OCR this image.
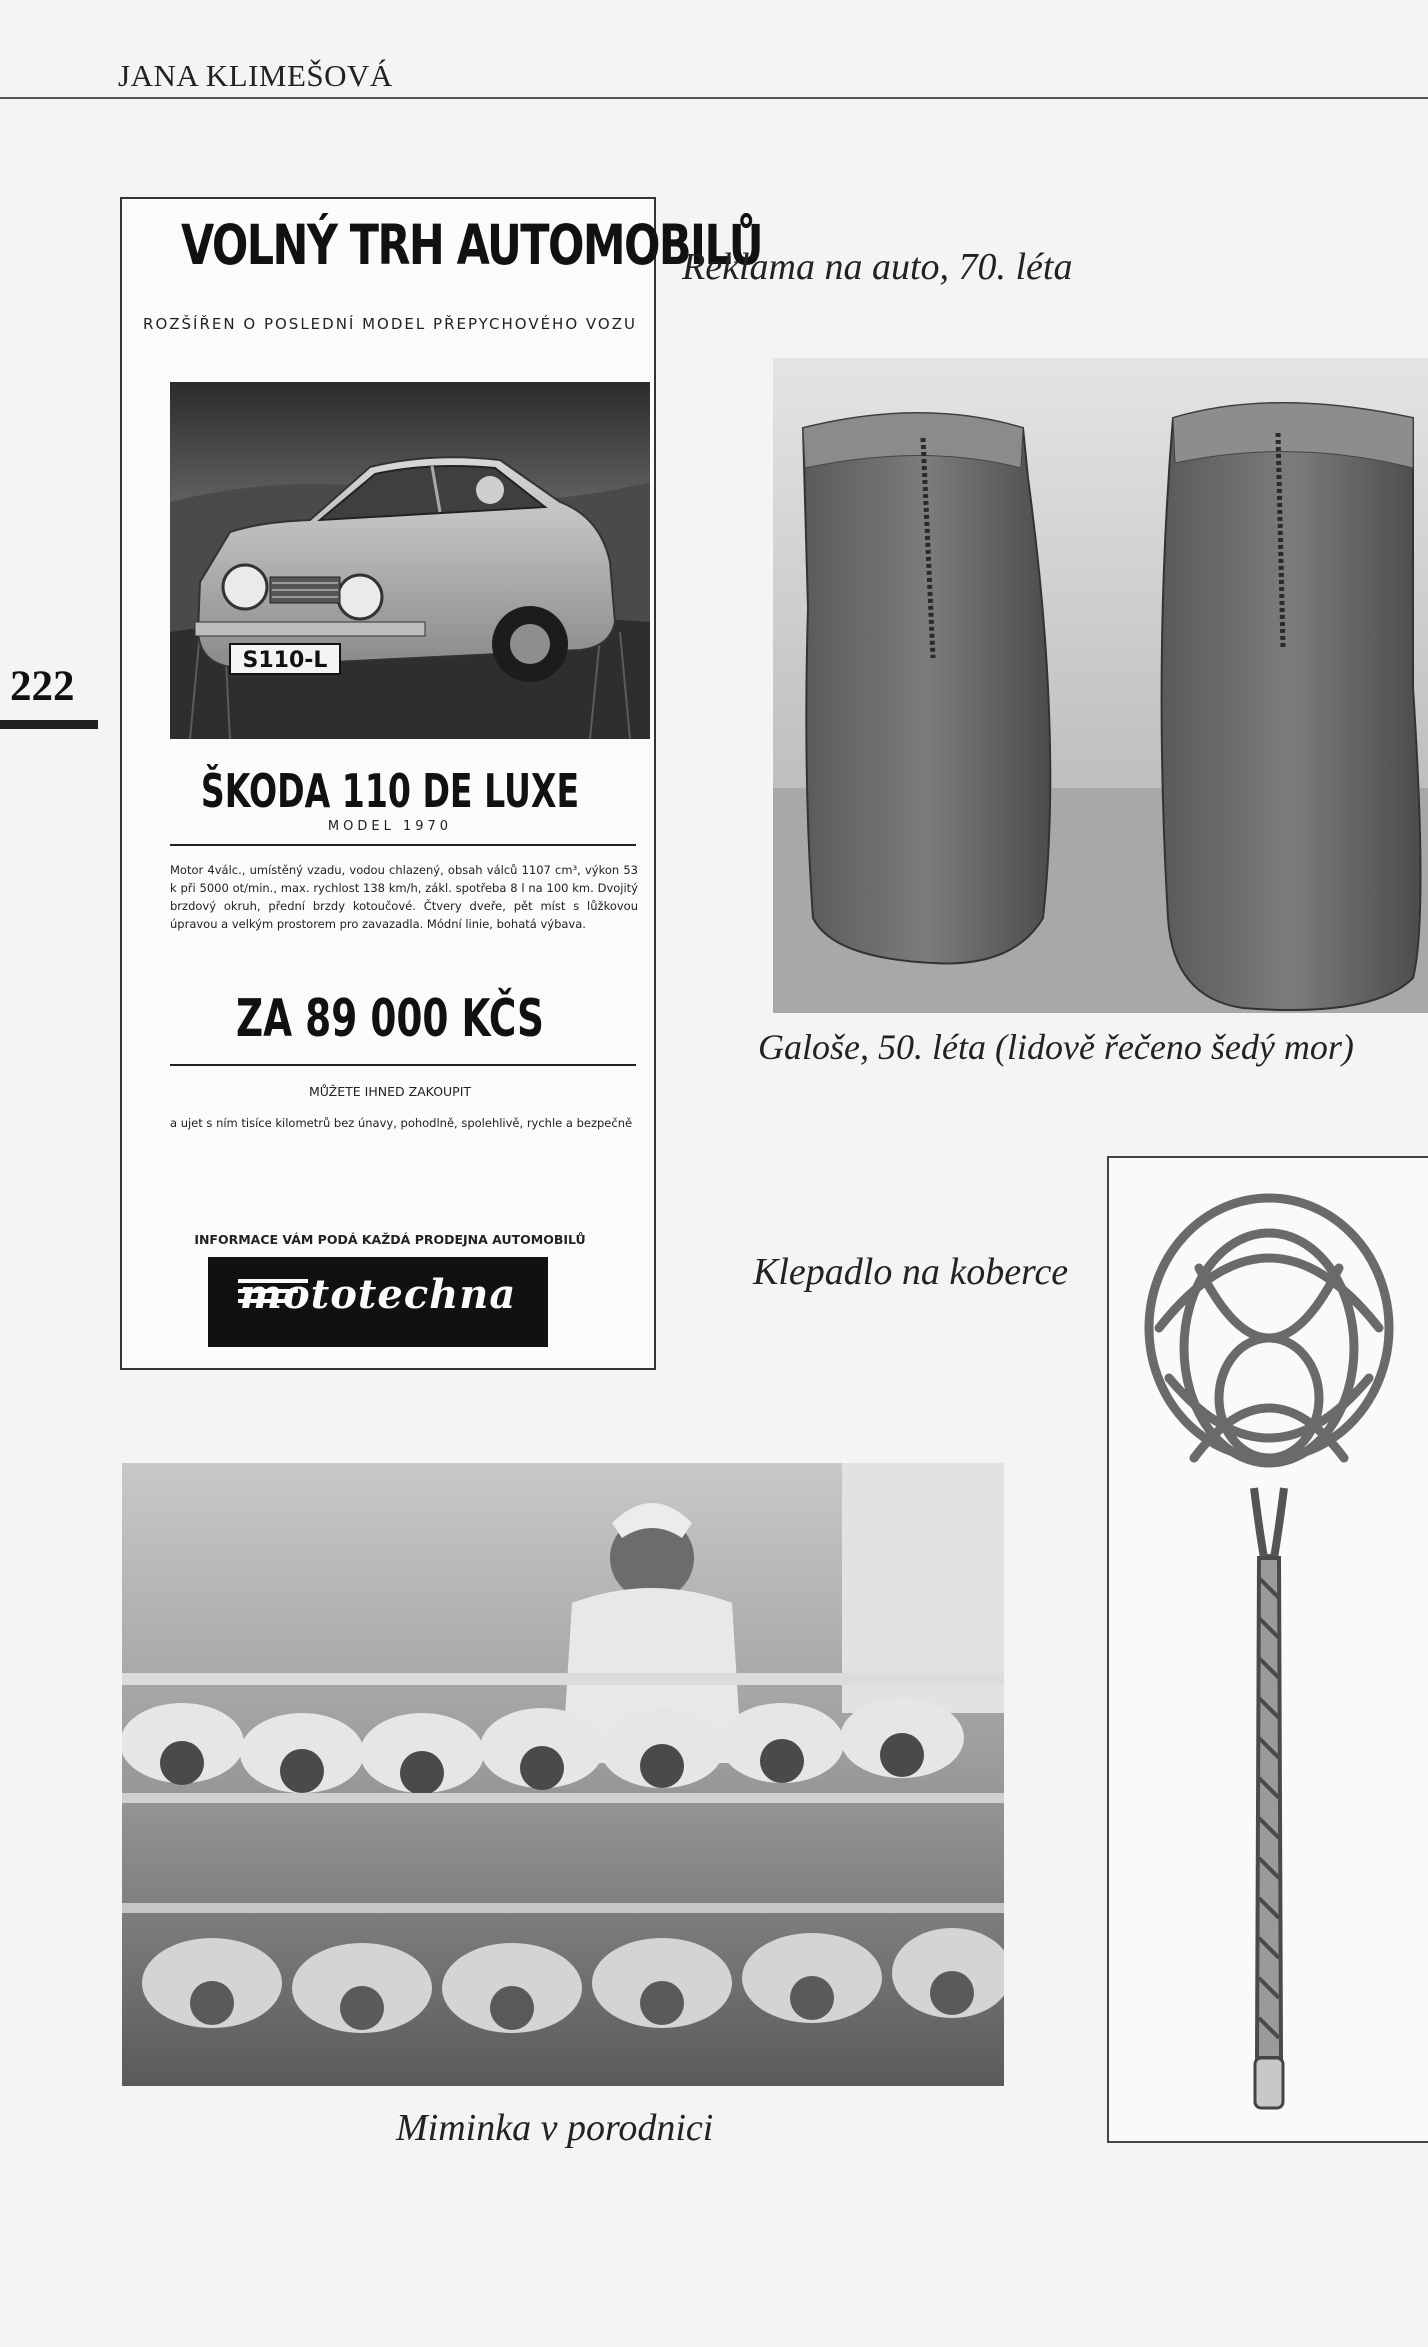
JANA KLIMEŠOVÁ
222
VOLNÝ TRH AUTOMOBILŮ
ROZŠÍŘEN O POSLEDNÍ MODEL PŘEPYCHOVÉHO VOZU
S110-L
ŠKODA 110 DE LUXE
MODEL 1970
Motor 4válc., umístěný vzadu, vodou chlazený, obsah válců 1107 cm³, výkon 53 k při 5000 ot/min., max. rychlost 138 km/h, zákl. spotřeba 8 l na 100 km. Dvojitý brzdový okruh, přední brzdy kotoučové. Čtvery dveře, pět míst s lůžkovou úpravou a velkým prostorem pro zavazadla. Módní linie, bohatá výbava.
ZA 89 000 KČS
MŮŽETE IHNED ZAKOUPIT
a ujet s ním tisíce kilometrů bez únavy, pohodlně, spolehlivě, rychle a bezpečně
INFORMACE VÁM PODÁ KAŽDÁ PRODEJNA AUTOMOBILŮ
mototechna
Reklama na auto, 70. léta
Galoše, 50. léta (lidově řečeno šedý mor)
Klepadlo na koberce
Miminka v porodnici
